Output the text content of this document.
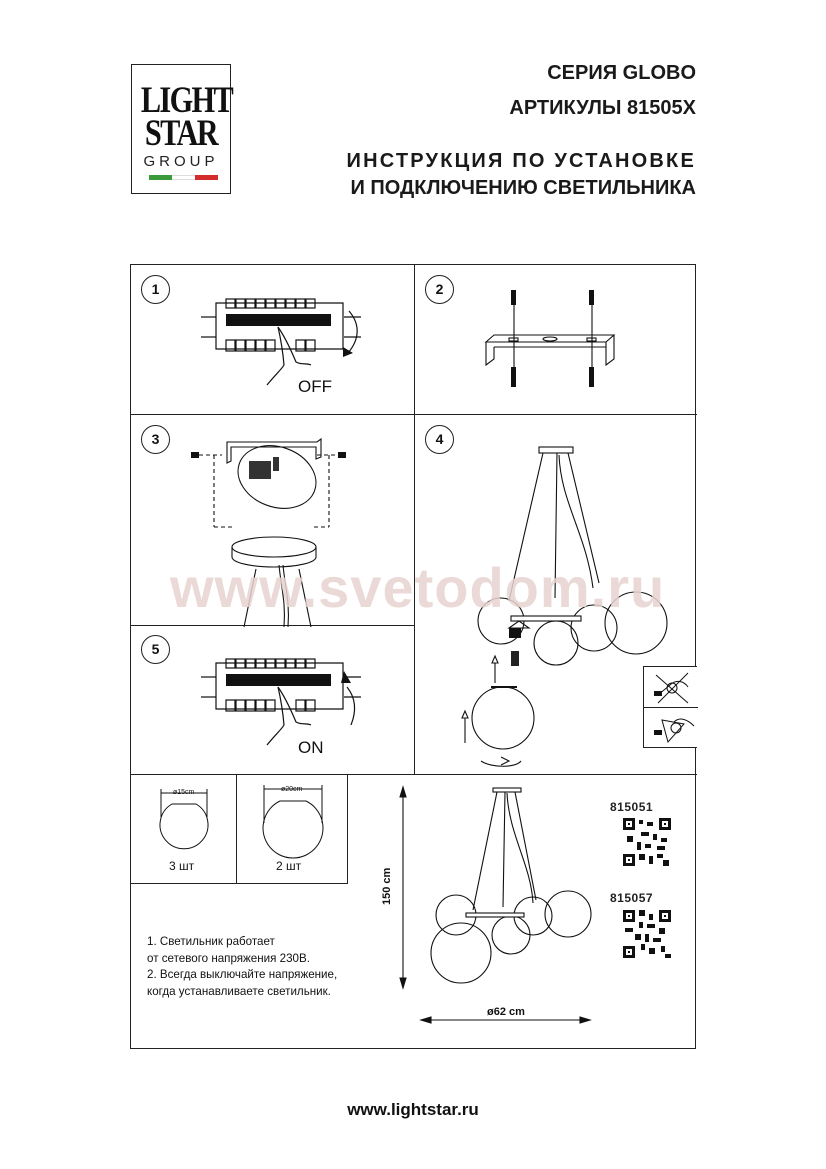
LIGHT
STAR
GROUP
СЕРИЯ GLOBO
АРТИКУЛЫ 81505X
ИНСТРУКЦИЯ ПО УСТАНОВКЕ
И ПОДКЛЮЧЕНИЮ СВЕТИЛЬНИКА
1	2
3	4
5
OFF
ON
ø15cm
3 шт
ø20cm
2 шт
150 cm
ø62 cm
815051
815057
www.svetodom.ru
1. Светильник работает
от сетевого напряжения 230В.
2. Всегда выключайте напряжение,
когда устанавливаете светильник.
www.lightstar.ru
